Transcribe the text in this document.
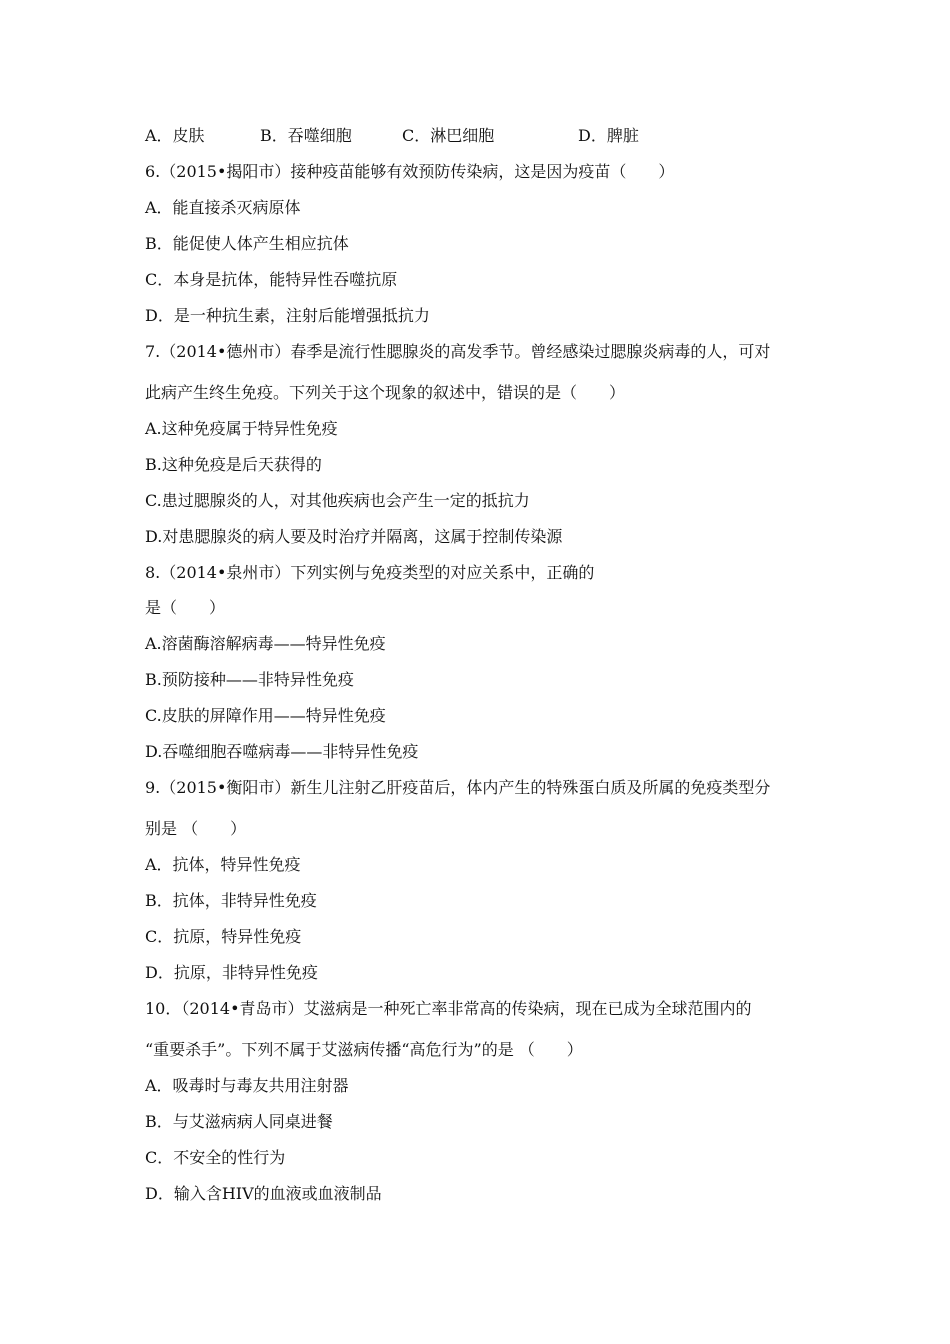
A．皮肤	B．吞噬细胞	C．淋巴细胞	D．脾脏
6.（2015•揭阳市）接种疫苗能够有效预防传染病，这是因为疫苗（　　）
A．能直接杀灭病原体
B．能促使人体产生相应抗体
C．本身是抗体，能特异性吞噬抗原
D．是一种抗生素，注射后能增强抵抗力
7.（2014•德州市）春季是流行性腮腺炎的高发季节。曾经感染过腮腺炎病毒的人，可对
此病产生终生免疫。下列关于这个现象的叙述中，错误的是（　　）
A.这种免疫属于特异性免疫
B.这种免疫是后天获得的
C.患过腮腺炎的人，对其他疾病也会产生一定的抵抗力
D.对患腮腺炎的病人要及时治疗并隔离，这属于控制传染源
8.（2014•泉州市）下列实例与免疫类型的对应关系中，正确的
是（　　）
A.溶菌酶溶解病毒——特异性免疫
B.预防接种——非特异性免疫
C.皮肤的屏障作用——特异性免疫
D.吞噬细胞吞噬病毒——非特异性免疫
9.（2015•衡阳市）新生儿注射乙肝疫苗后，体内产生的特殊蛋白质及所属的免疫类型分
别是 （　　）
A．抗体，特异性免疫
B．抗体，非特异性免疫
C．抗原，特异性免疫
D．抗原，非特异性免疫
10．（2014•青岛市）艾滋病是一种死亡率非常高的传染病，现在已成为全球范围内的
“重要杀手”。下列不属于艾滋病传播“高危行为”的是 （　　）
A．吸毒时与毒友共用注射器
B．与艾滋病病人同桌进餐
C．不安全的性行为
D．输入含HIV的血液或血液制品
